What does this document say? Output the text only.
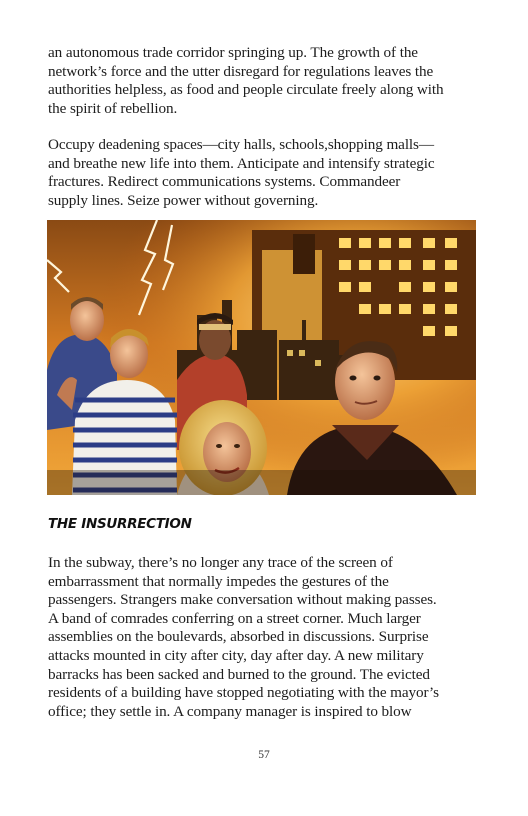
an autonomous trade corridor springing up. The growth of the
network’s force and the utter disregard for regulations leaves the
authorities helpless, as food and people circulate freely along with
the spirit of rebellion.

Occupy deadening spaces—city halls, schools,shopping malls—
and breathe new life into them. Anticipate and intensify strategic
fractures. Redirect communications systems. Commandeer
supply lines. Seize power without governing.

THE INSURRECTION

In the subway, there’s no longer any trace of the screen of
embarrassment that normally impedes the gestures of the
passengers. Strangers make conversation without making passes.
A band of comrades conferring on a street corner. Much larger
assemblies on the boulevards, absorbed in discussions. Surprise
attacks mounted in city after city, day after day. A new military
barracks has been sacked and burned to the ground. The evicted
residents of a building have stopped negotiating with the mayor’s
office; they settle in. A company manager is inspired to blow

57
